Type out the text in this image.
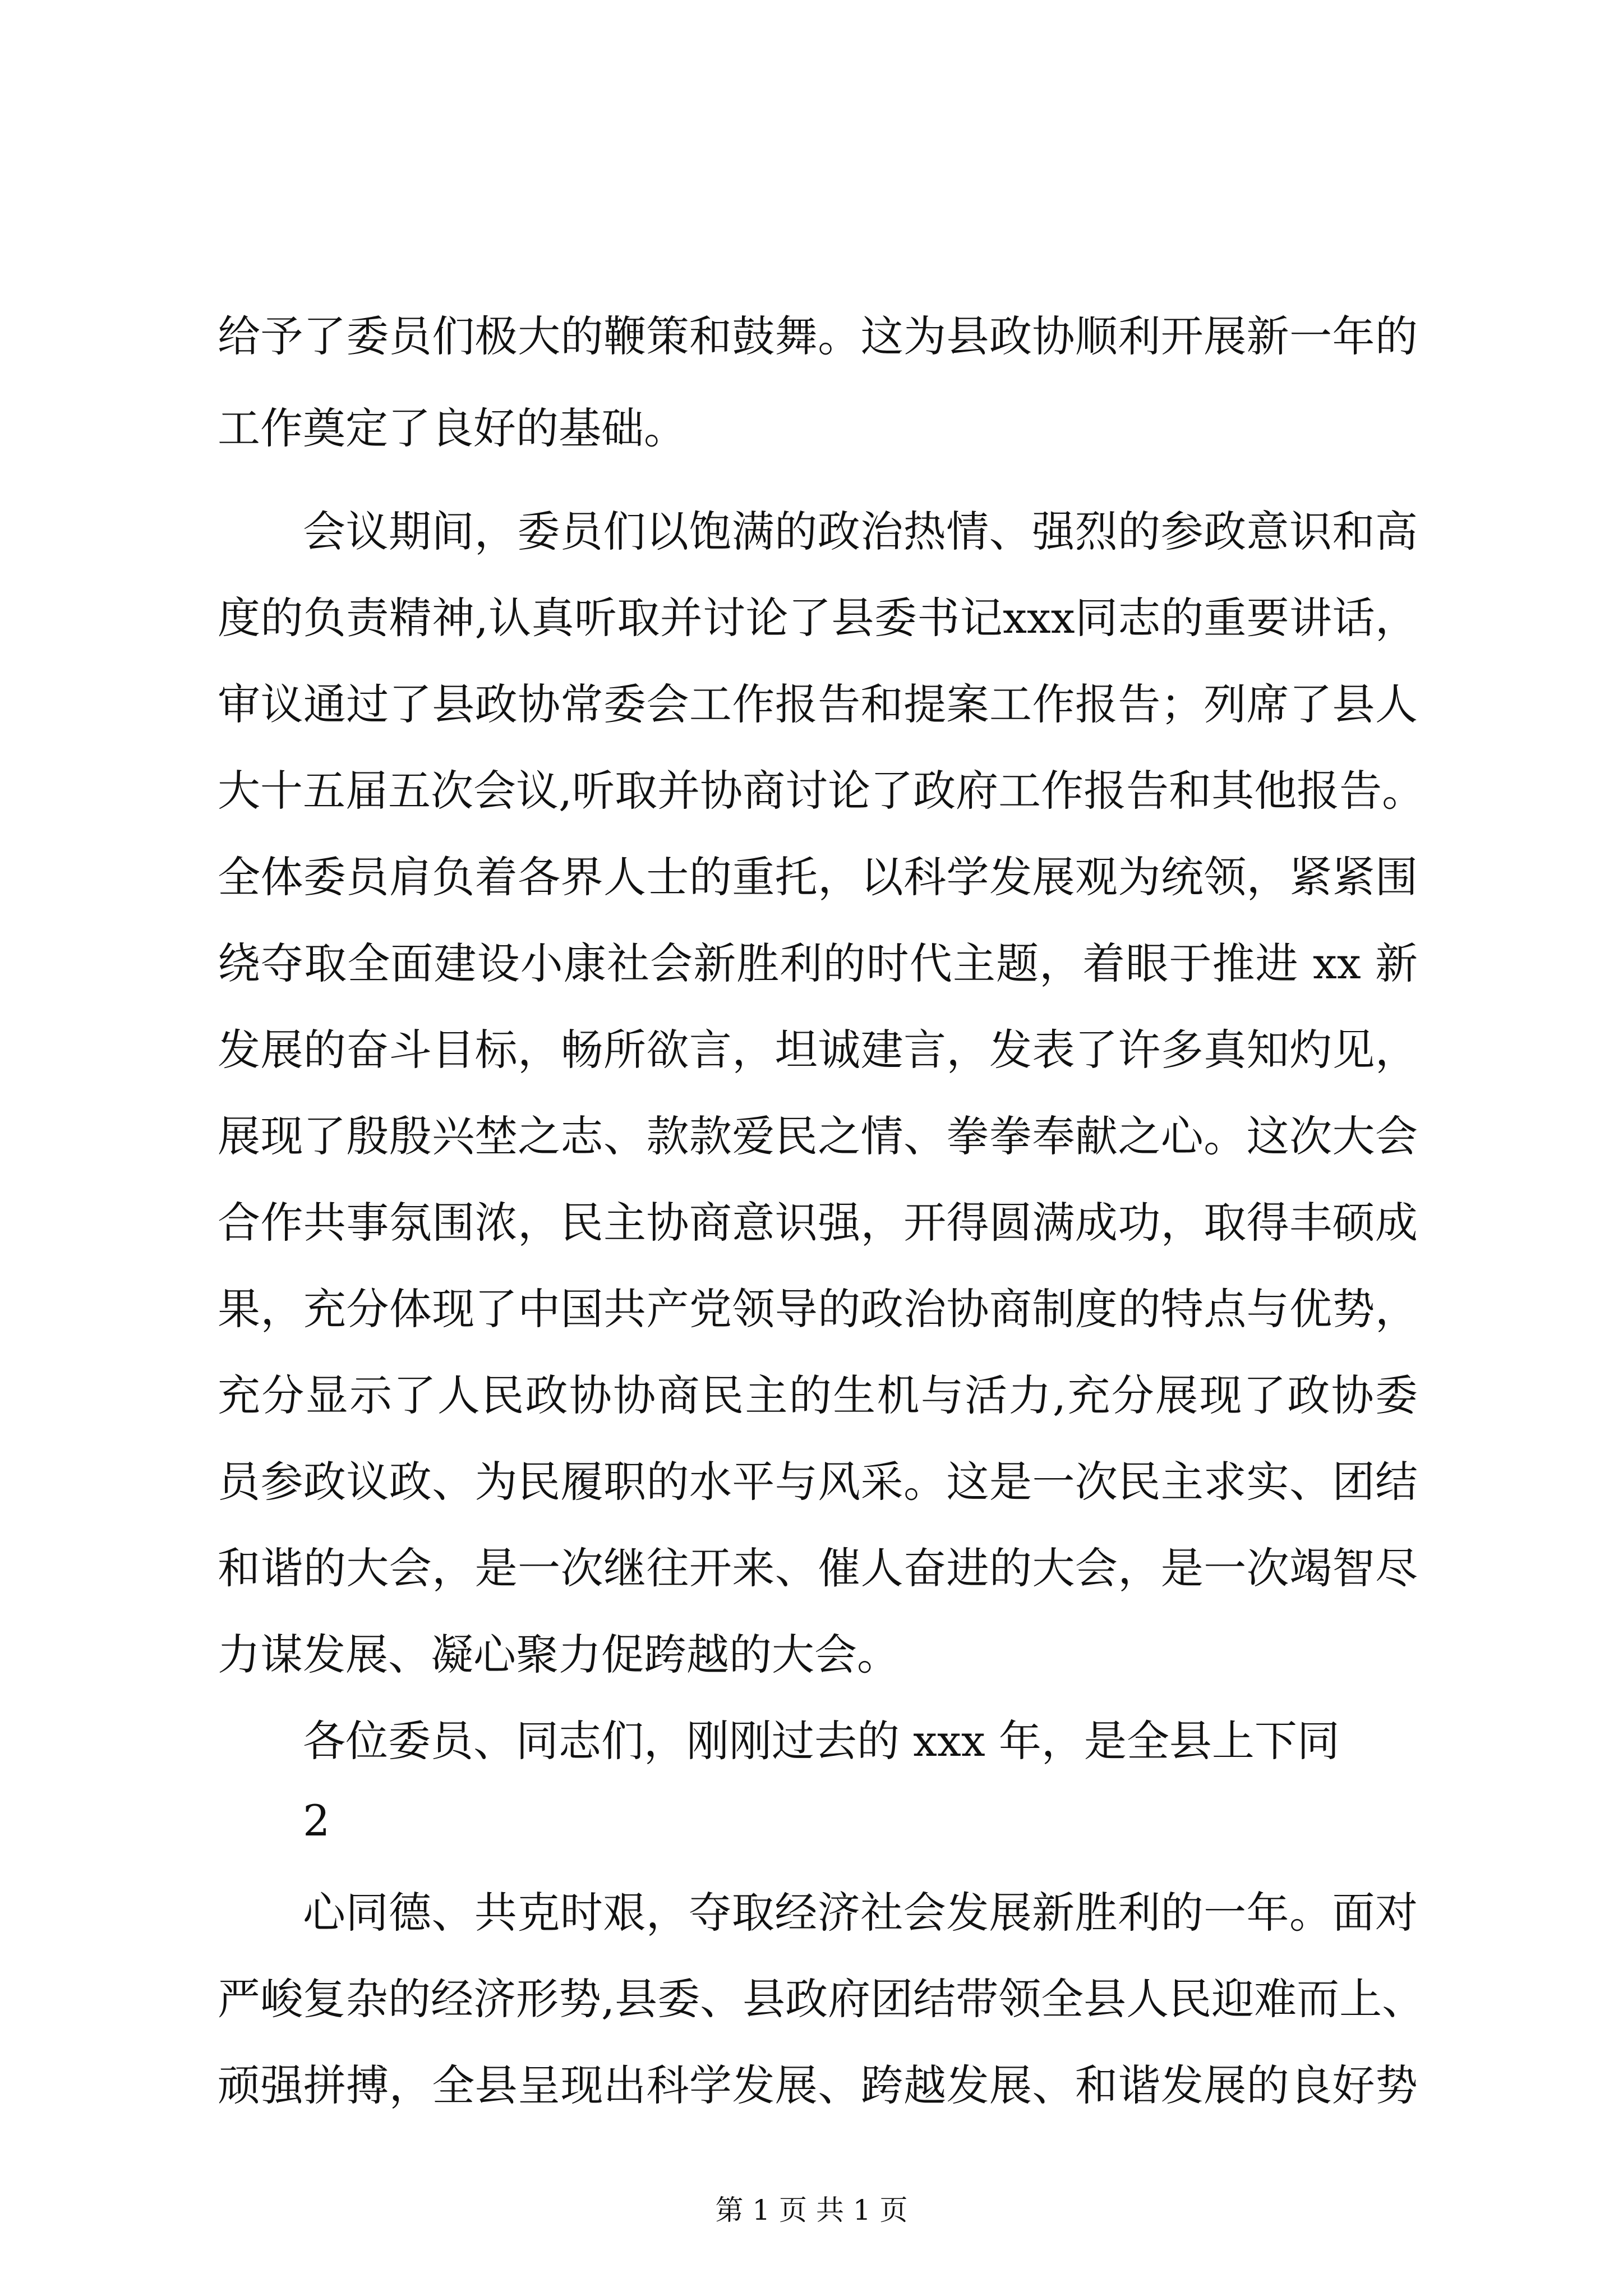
给予了委员们极大的鞭策和鼓舞。这为县政协顺利开展新一年的
工作奠定了良好的基础。
会议期间，委员们以饱满的政治热情、强烈的参政意识和高
度的负责精神,认真听取并讨论了县委书记xxx同志的重要讲话，
审议通过了县政协常委会工作报告和提案工作报告；列席了县人
大十五届五次会议,听取并协商讨论了政府工作报告和其他报告。
全体委员肩负着各界人士的重托，以科学发展观为统领，紧紧围
绕夺取全面建设小康社会新胜利的时代主题，着眼于推进 xx 新
发展的奋斗目标，畅所欲言，坦诚建言，发表了许多真知灼见，
展现了殷殷兴埜之志、款款爱民之情、拳拳奉献之心。这次大会
合作共事氛围浓，民主协商意识强，开得圆满成功，取得丰硕成
果，充分体现了中国共产党领导的政治协商制度的特点与优势，
充分显示了人民政协协商民主的生机与活力,充分展现了政协委
员参政议政、为民履职的水平与风采。这是一次民主求实、团结
和谐的大会，是一次继往开来、催人奋进的大会，是一次竭智尽
力谋发展、凝心聚力促跨越的大会。
各位委员、同志们，刚刚过去的 xxx 年，是全县上下同
2
心同德、共克时艰，夺取经济社会发展新胜利的一年。面对
严峻复杂的经济形势,县委、县政府团结带领全县人民迎难而上、
顽强拼搏，全县呈现出科学发展、跨越发展、和谐发展的良好势
第 1 页 共 1 页
